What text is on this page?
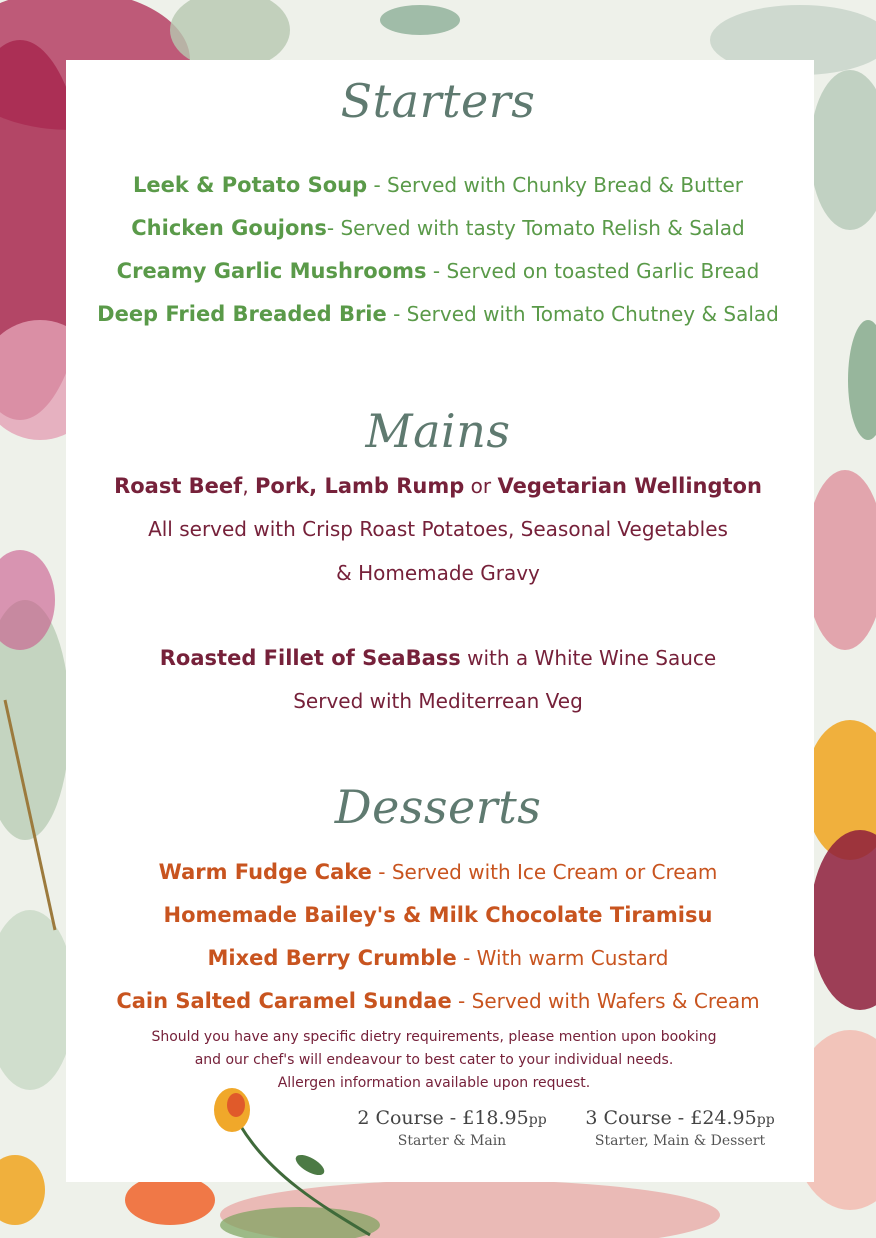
Starters
Leek & Potato Soup - Served with Chunky Bread & Butter
Chicken Goujons- Served with tasty Tomato Relish & Salad
Creamy Garlic Mushrooms - Served on toasted Garlic Bread
Deep Fried Breaded Brie - Served with Tomato Chutney & Salad
Mains
Roast Beef, Pork, Lamb Rump or Vegetarian Wellington
All served with Crisp Roast Potatoes, Seasonal Vegetables
& Homemade Gravy
Roasted Fillet of SeaBass with a White Wine Sauce
Served with Mediterrean Veg
Desserts
Warm Fudge Cake - Served with Ice Cream or Cream
Homemade Bailey's & Milk Chocolate Tiramisu
Mixed Berry Crumble - With warm Custard
Cain Salted Caramel Sundae - Served with Wafers & Cream
Should you have any specific dietry requirements, please mention upon booking
and our chef's will endeavour to best cater to your individual needs.
Allergen information available upon request.
2 Course - £18.95pp
Starter & Main
3 Course - £24.95pp
Starter, Main & Dessert
